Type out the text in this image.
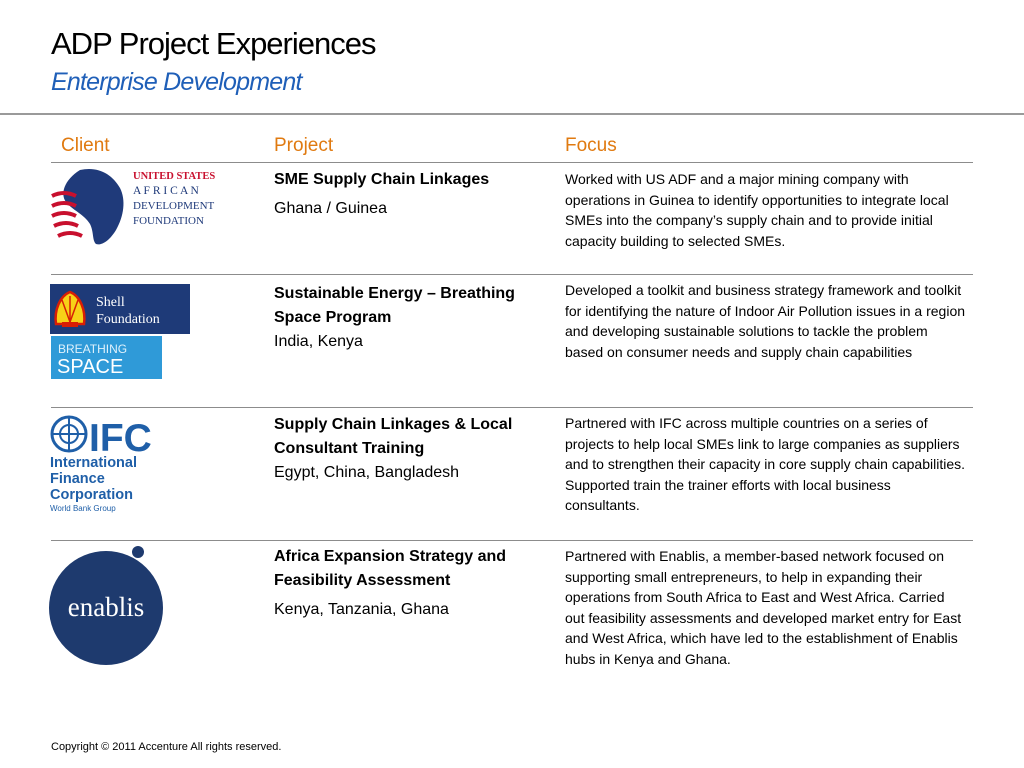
ADP Project Experiences
Enterprise Development
Client	Project	Focus
UNITED STATES
A F R I C A N
DEVELOPMENT
FOUNDATION
SME Supply Chain Linkages
Ghana / Guinea
Worked with US ADF and a major mining company with operations in Guinea to identify opportunities to integrate local SMEs into the company’s supply chain and to provide initial capacity building to selected SMEs.
Shell
Foundation
BREATHING
SPACE
Sustainable Energy – Breathing Space Program
India, Kenya
Developed a toolkit and business strategy framework and toolkit for identifying the nature of Indoor Air Pollution issues in a region and developing sustainable solutions to tackle the problem based on consumer needs and supply chain capabilities
IFC
International
Finance
Corporation
World Bank Group
Supply Chain Linkages & Local Consultant Training
Egypt, China, Bangladesh
Partnered with IFC across multiple countries on a series of projects to help local SMEs link to large companies as suppliers and to strengthen their capacity in core supply chain capabilities. Supported train the trainer efforts with local business consultants.
enablis
Africa Expansion Strategy and Feasibility Assessment
Kenya, Tanzania, Ghana
Partnered with Enablis, a member-based network focused on supporting small entrepreneurs, to help in expanding their operations from South Africa to East and West Africa. Carried out feasibility assessments and developed market entry for East and West Africa, which have led to the establishment of Enablis hubs in Kenya and Ghana.
Copyright © 2011 Accenture All rights reserved.
